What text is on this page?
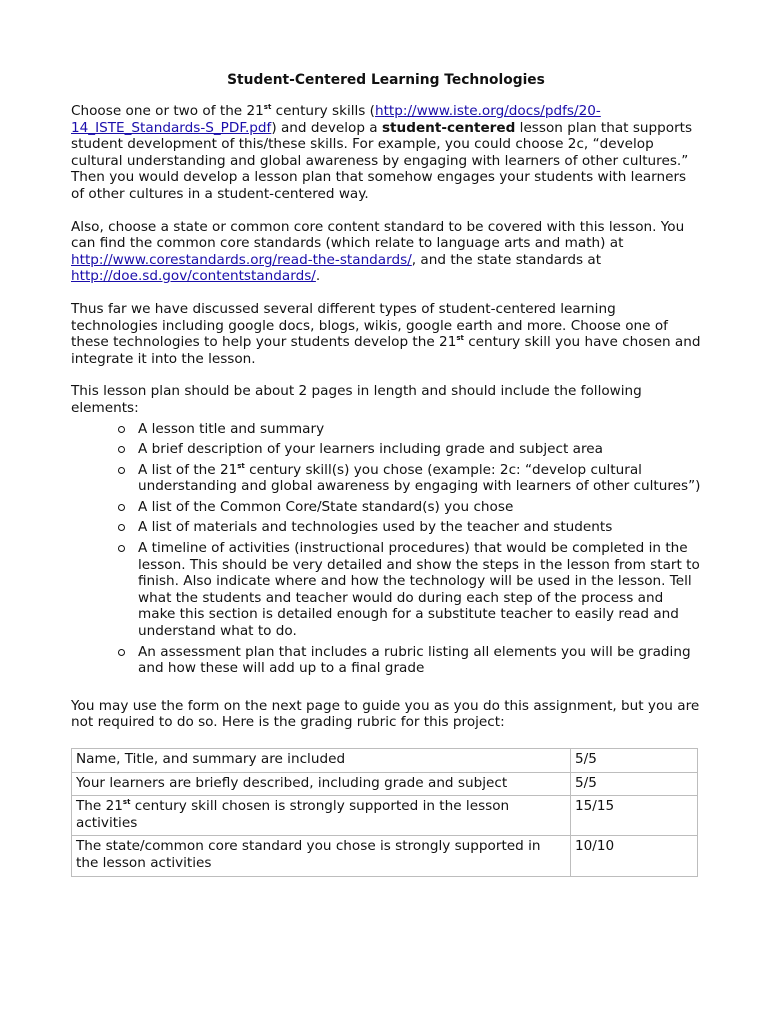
Student-Centered Learning Technologies

Choose one or two of the 21st century skills (http://www.iste.org/docs/pdfs/20-14_ISTE_Standards-S_PDF.pdf) and develop a student-centered lesson plan that supports student development of this/these skills. For example, you could choose 2c, “develop cultural understanding and global awareness by engaging with learners of other cultures.” Then you would develop a lesson plan that somehow engages your students with learners of other cultures in a student-centered way.

Also, choose a state or common core content standard to be covered with this lesson. You can find the common core standards (which relate to language arts and math) at http://www.corestandards.org/read-the-standards/, and the state standards at http://doe.sd.gov/contentstandards/.

Thus far we have discussed several different types of student-centered learning technologies including google docs, blogs, wikis, google earth and more. Choose one of these technologies to help your students develop the 21st century skill you have chosen and integrate it into the lesson.

This lesson plan should be about 2 pages in length and should include the following elements:

A lesson title and summary
A brief description of your learners including grade and subject area
A list of the 21st century skill(s) you chose (example: 2c: “develop cultural understanding and global awareness by engaging with learners of other cultures”)
A list of the Common Core/State standard(s) you chose
A list of materials and technologies used by the teacher and students
A timeline of activities (instructional procedures) that would be completed in the lesson. This should be very detailed and show the steps in the lesson from start to finish. Also indicate where and how the technology will be used in the lesson. Tell what the students and teacher would do during each step of the process and make this section is detailed enough for a substitute teacher to easily read and understand what to do.
An assessment plan that includes a rubric listing all elements you will be grading and how these will add up to a final grade

You may use the form on the next page to guide you as you do this assignment, but you are not required to do so. Here is the grading rubric for this project:

Name, Title, and summary are included	5/5
Your learners are briefly described, including grade and subject	5/5
The 21st century skill chosen is strongly supported in the lesson activities	15/15
The state/common core standard you chose is strongly supported in the lesson activities	10/10
